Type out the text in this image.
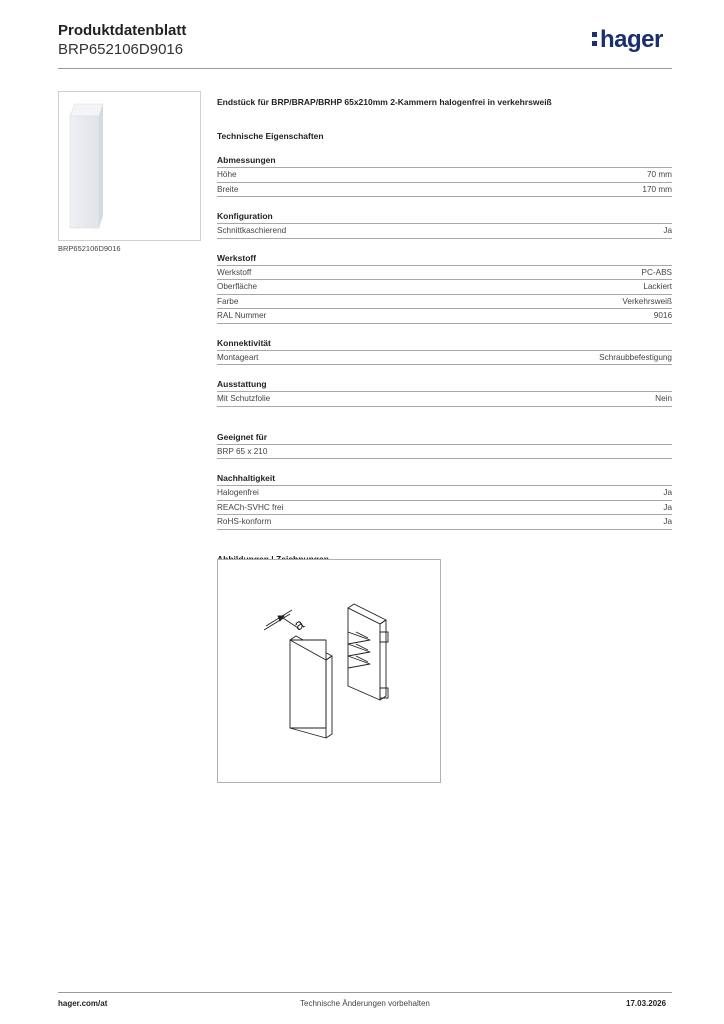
Produktdatenblatt
BRP652106D9016	hager
BRP652106D9016
Endstück für BRP/BRAP/BRHP 65x210mm 2-Kammern halogenfrei in verkehrsweiß
Technische Eigenschaften
Abmessungen
Höhe	70 mm
Breite	170 mm
Konfiguration
Schnittkaschierend	Ja
Werkstoff
Werkstoff	PC-ABS
Oberfläche	Lackiert
Farbe	Verkehrsweiß
RAL Nummer	9016
Konnektivität
Montageart	Schraubbefestigung
Ausstattung
Mit Schutzfolie	Nein
Geeignet für
BRP 65 x 210
Nachhaltigkeit
Halogenfrei	Ja
REACh-SVHC frei	Ja
RoHS-konform	Ja
a
hager.com/at	Technische Änderungen vorbehalten	17.03.2026
